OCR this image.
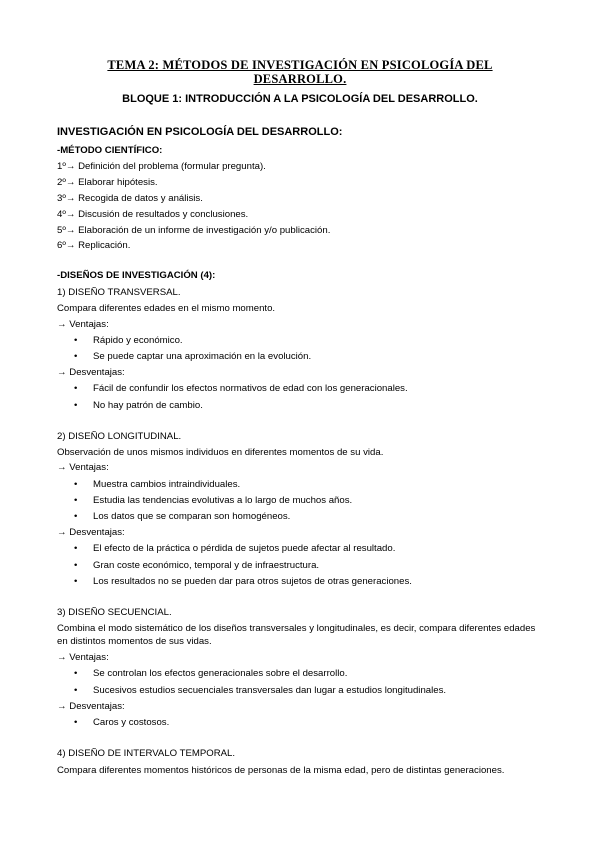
TEMA 2: MÉTODOS DE INVESTIGACIÓN EN PSICOLOGÍA DEL DESARROLLO.
BLOQUE 1: INTRODUCCIÓN A LA PSICOLOGÍA DEL DESARROLLO.
INVESTIGACIÓN EN PSICOLOGÍA DEL DESARROLLO:
-MÉTODO CIENTÍFICO:
1º→ Definición del problema (formular pregunta).
2º→ Elaborar hipótesis.
3º→ Recogida de datos y análisis.
4º→ Discusión de resultados y conclusiones.
5º→ Elaboración de un informe de investigación y/o publicación.
6º→ Replicación.
-DISEÑOS DE INVESTIGACIÓN (4):
1) DISEÑO TRANSVERSAL.
Compara diferentes edades en el mismo momento.
→ Ventajas:
• Rápido y económico.
• Se puede captar una aproximación en la evolución.
→ Desventajas:
• Fácil de confundir los efectos normativos de edad con los generacionales.
• No hay patrón de cambio.
2) DISEÑO LONGITUDINAL.
Observación de unos mismos individuos en diferentes momentos de su vida.
→ Ventajas:
• Muestra cambios intraindividuales.
• Estudia las tendencias evolutivas a lo largo de muchos años.
• Los datos que se comparan son homogéneos.
→ Desventajas:
• El efecto de la práctica o pérdida de sujetos puede afectar al resultado.
• Gran coste económico, temporal y de infraestructura.
• Los resultados no se pueden dar para otros sujetos de otras generaciones.
3) DISEÑO SECUENCIAL.
Combina el modo sistemático de los diseños transversales y longitudinales, es decir, compara diferentes edades en distintos momentos de sus vidas.
→ Ventajas:
• Se controlan los efectos generacionales sobre el desarrollo.
• Sucesivos estudios secuenciales transversales dan lugar a estudios longitudinales.
→ Desventajas:
• Caros y costosos.
4) DISEÑO DE INTERVALO TEMPORAL.
Compara diferentes momentos históricos de personas de la misma edad, pero de distintas generaciones.
